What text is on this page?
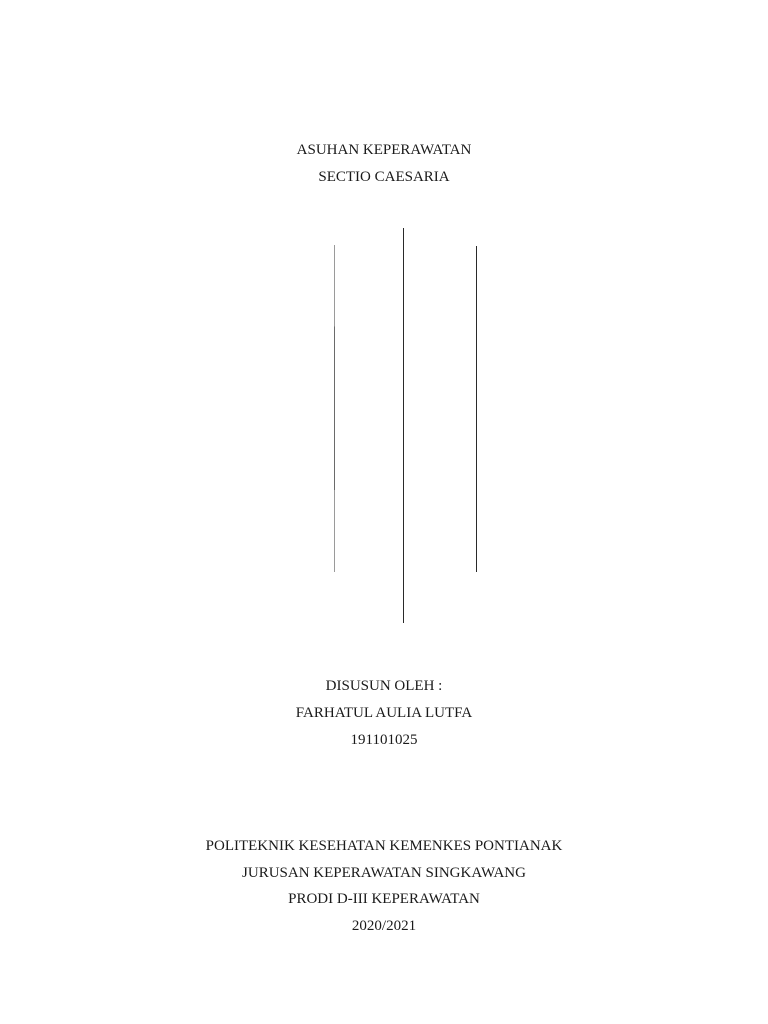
ASUHAN KEPERAWATAN
SECTIO CAESARIA
DISUSUN OLEH :
FARHATUL AULIA LUTFA
191101025
POLITEKNIK KESEHATAN KEMENKES PONTIANAK
JURUSAN KEPERAWATAN SINGKAWANG
PRODI D-III KEPERAWATAN
2020/2021
